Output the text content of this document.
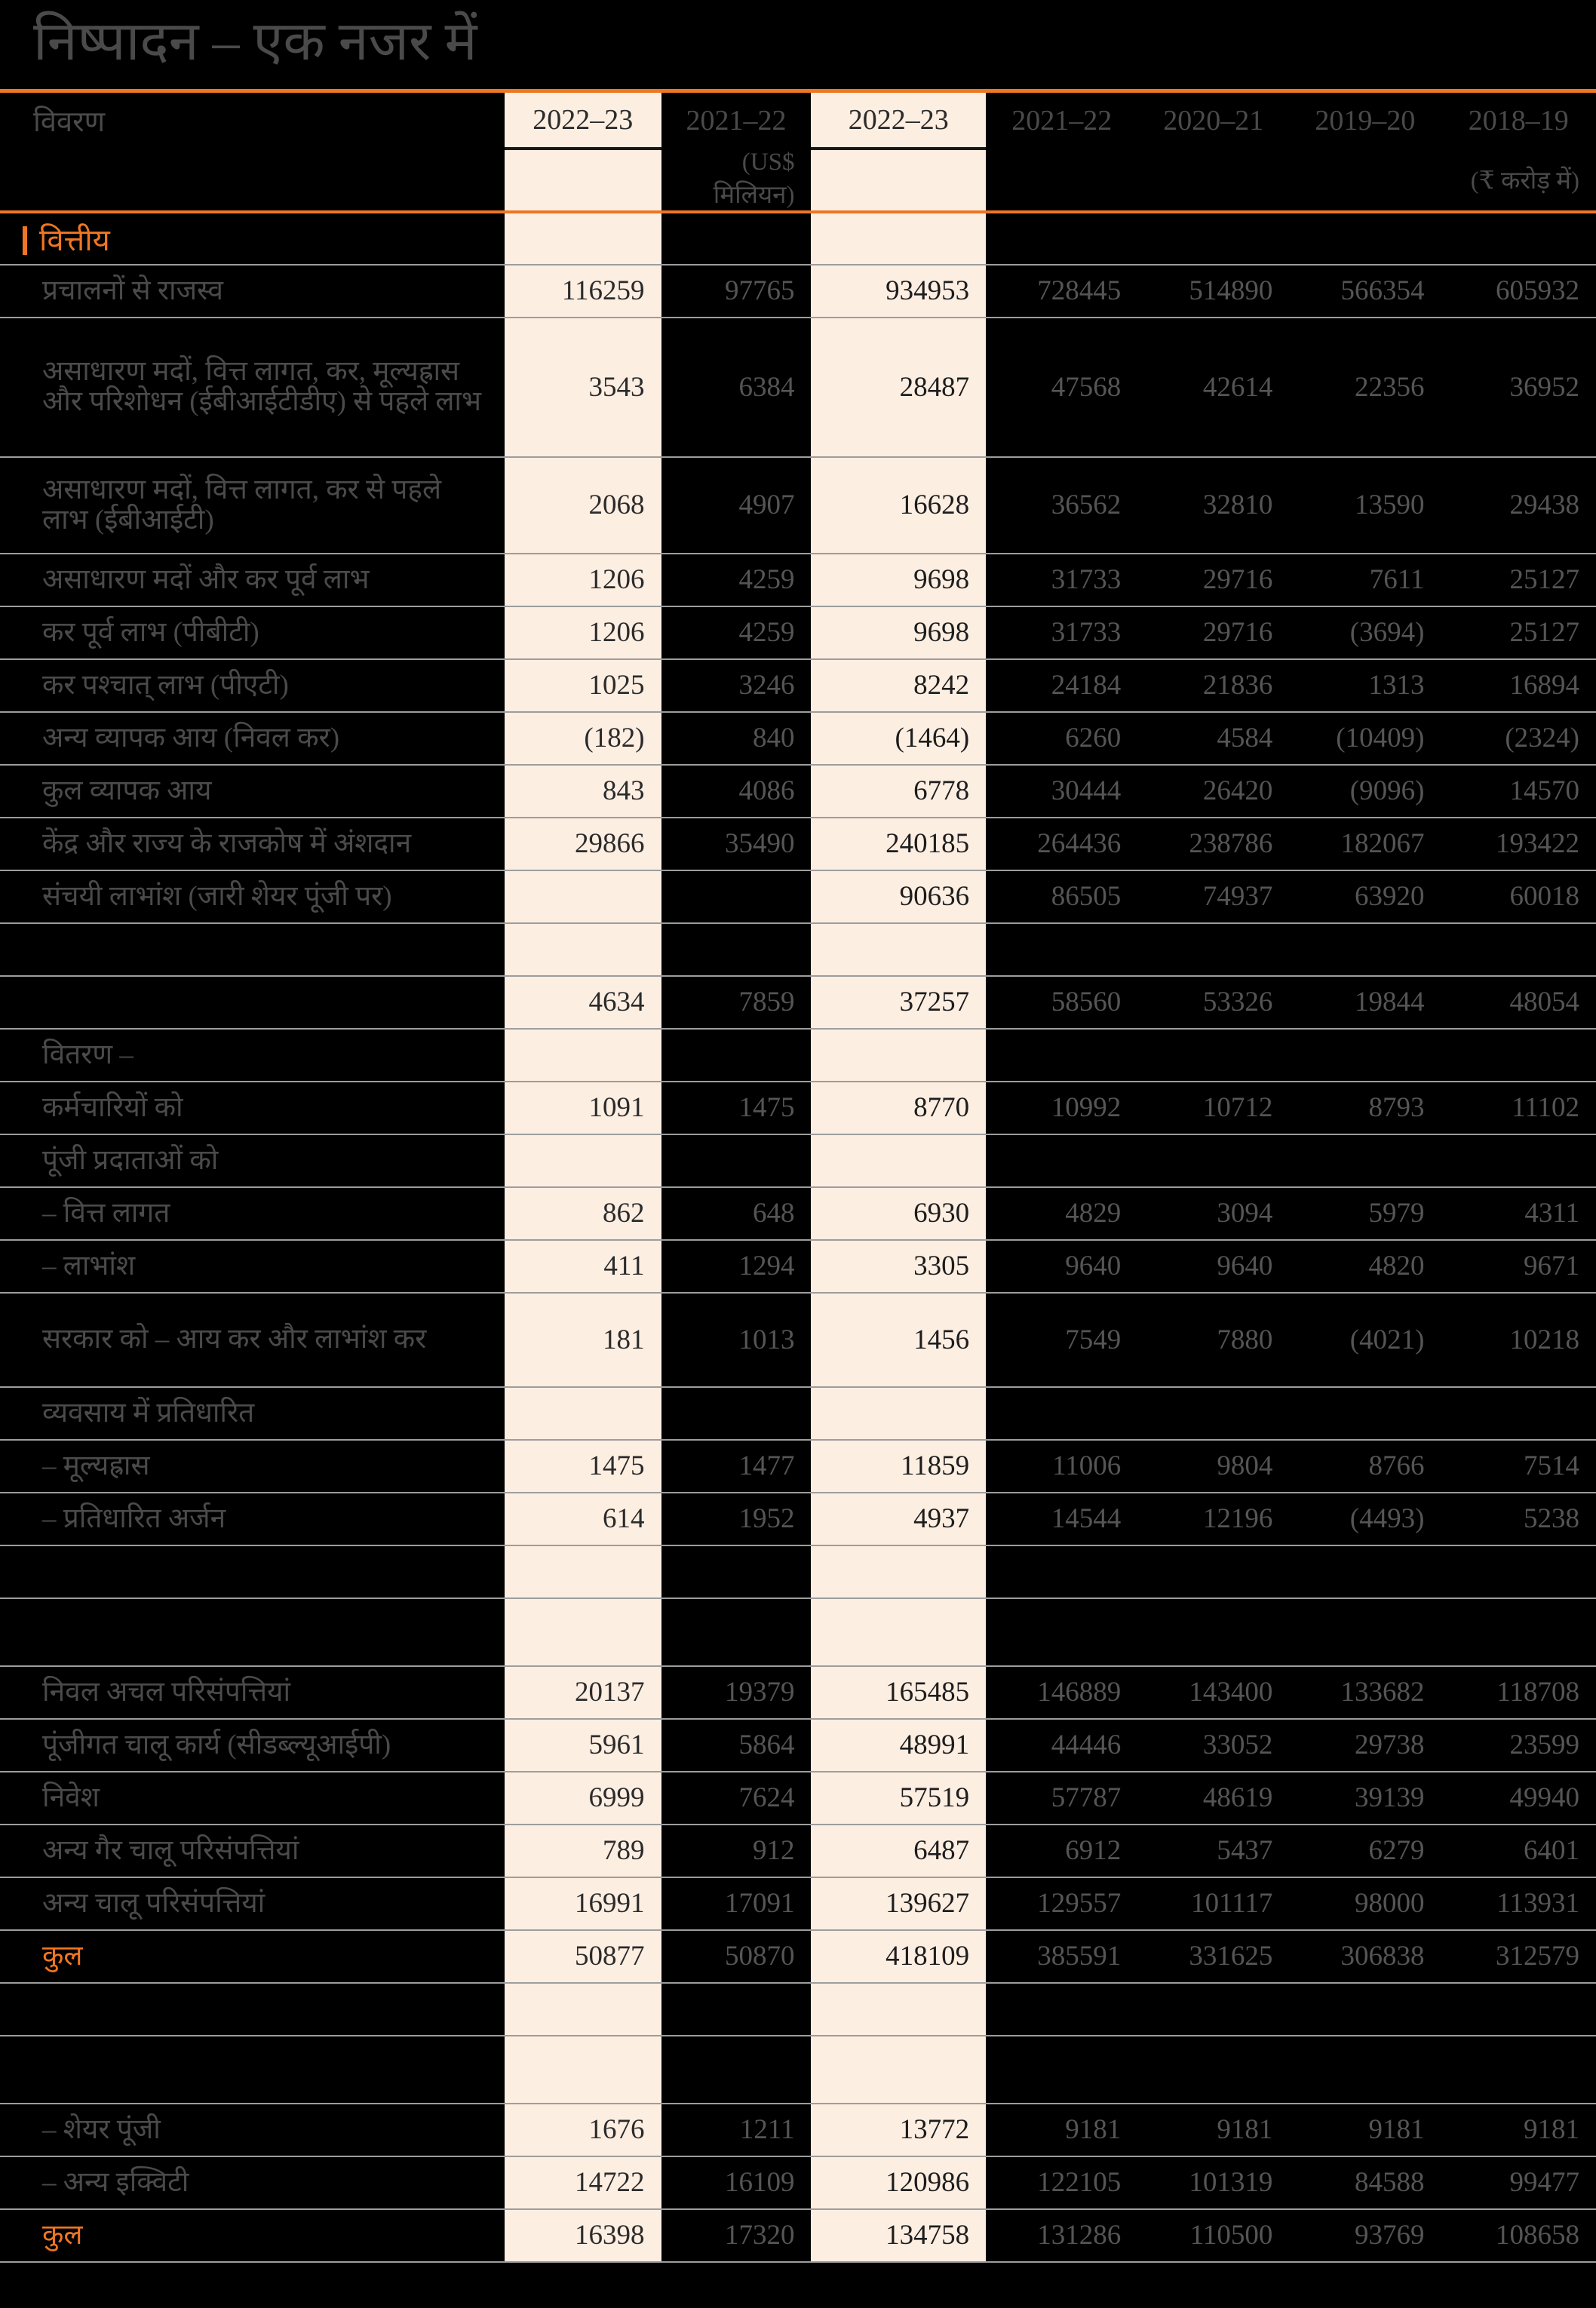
निष्पादन – एक नजर में
विवरण	2022–23	2021–22	2022–23	2021–22	2020–21	2019–20	2018–19
		(US$ मिलियन)		(₹ करोड़ में)			
वित्तीय							
प्रचालनों से राजस्व	116259	97765	934953	728445	514890	566354	605932
असाधारण मदों, वित्त लागत, कर, मूल्यह्रास और परिशोधन (ईबीआईटीडीए) से पहले लाभ	3543	6384	28487	47568	42614	22356	36952
असाधारण मदों, वित्त लागत, कर से पहले लाभ (ईबीआईटी)	2068	4907	16628	36562	32810	13590	29438
असाधारण मदों और कर पूर्व लाभ	1206	4259	9698	31733	29716	7611	25127
कर पूर्व लाभ (पीबीटी)	1206	4259	9698	31733	29716	(3694)	25127
कर पश्चात् लाभ (पीएटी)	1025	3246	8242	24184	21836	1313	16894
अन्य व्यापक आय (निवल कर)	(182)	840	(1464)	6260	4584	(10409)	(2324)
कुल व्यापक आय	843	4086	6778	30444	26420	(9096)	14570
केंद्र और राज्य के राजकोष में अंशदान	29866	35490	240185	264436	238786	182067	193422
संचयी लाभांश (जारी शेयर पूंजी पर)			90636	86505	74937	63920	60018

	4634	7859	37257	58560	53326	19844	48054
वितरण –							
कर्मचारियों को	1091	1475	8770	10992	10712	8793	11102
पूंजी प्रदाताओं को							
– वित्त लागत	862	648	6930	4829	3094	5979	4311
– लाभांश	411	1294	3305	9640	9640	4820	9671
सरकार को – आय कर और लाभांश कर	181	1013	1456	7549	7880	(4021)	10218
व्यवसाय में प्रतिधारित							
– मूल्यह्रास	1475	1477	11859	11006	9804	8766	7514
– प्रतिधारित अर्जन	614	1952	4937	14544	12196	(4493)	5238

निवल अचल परिसंपत्तियां	20137	19379	165485	146889	143400	133682	118708
पूंजीगत चालू कार्य (सीडब्ल्यूआईपी)	5961	5864	48991	44446	33052	29738	23599
निवेश	6999	7624	57519	57787	48619	39139	49940
अन्य गैर चालू परिसंपत्तियां	789	912	6487	6912	5437	6279	6401
अन्य चालू परिसंपत्तियां	16991	17091	139627	129557	101117	98000	113931
कुल	50877	50870	418109	385591	331625	306838	312579

– शेयर पूंजी	1676	1211	13772	9181	9181	9181	9181
– अन्य इक्विटी	14722	16109	120986	122105	101319	84588	99477
कुल	16398	17320	134758	131286	110500	93769	108658
